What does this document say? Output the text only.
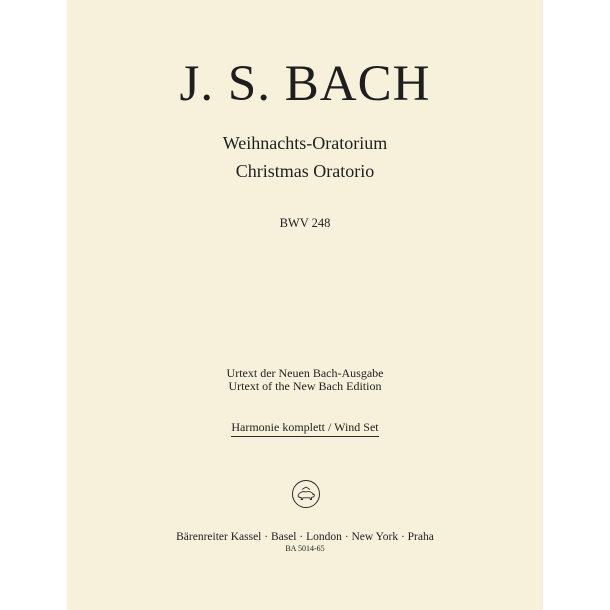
J. S. BACH
Weihnachts-Oratorium
Christmas Oratorio
BWV 248
Urtext der Neuen Bach-Ausgabe
Urtext of the New Bach Edition
Harmonie komplett / Wind Set
Bärenreiter Kassel · Basel · London · New York · Praha
BA 5014-65
